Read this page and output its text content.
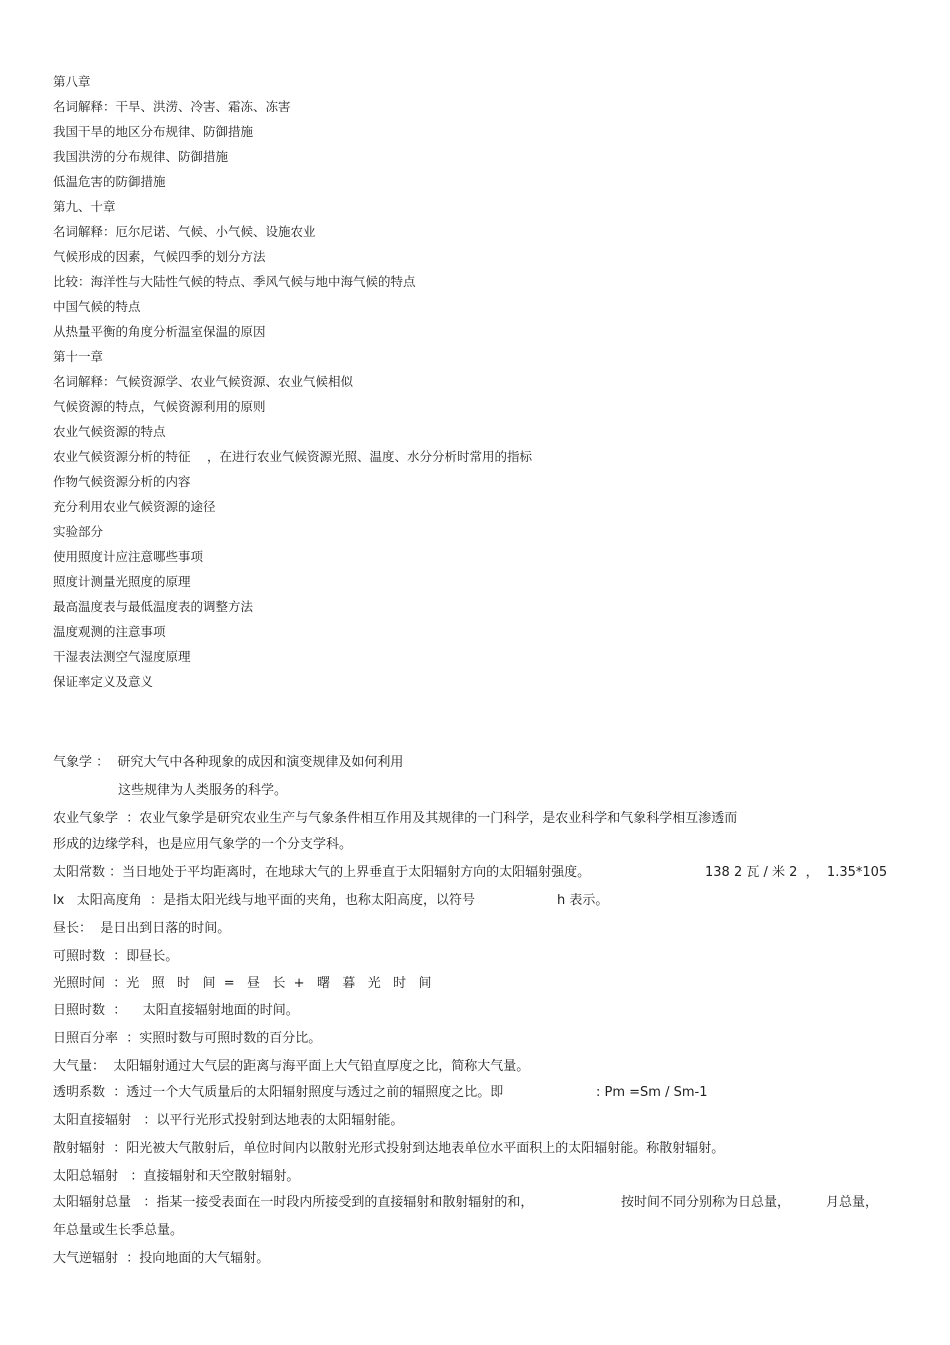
第八章
名词解释：干旱、洪涝、冷害、霜冻、冻害
我国干旱的地区分布规律、防御措施
我国洪涝的分布规律、防御措施
低温危害的防御措施
第九、十章
名词解释：厄尔尼诺、气候、小气候、设施农业
气候形成的因素，气候四季的划分方法
比较：海洋性与大陆性气候的特点、季风气候与地中海气候的特点
中国气候的特点
从热量平衡的角度分析温室保温的原因
第十一章
名词解释：气候资源学、农业气候资源、农业气候相似
气候资源的特点，气候资源利用的原则
农业气候资源的特点
农业气候资源分析的特征　 ，在进行农业气候资源光照、温度、水分分析时常用的指标
作物气候资源分析的内容
充分利用农业气候资源的途径
实验部分
使用照度计应注意哪些事项
照度计测量光照度的原理
最高温度表与最低温度表的调整方法
温度观测的注意事项
干湿表法测空气湿度原理
保证率定义及意义
气象学 ：  研究大气中各种现象的成因和演变规律及如何利用
这些规律为人类服务的科学。
农业气象学  ：农业气象学是研究农业生产与气象条件相互作用及其规律的一门科学，是农业科学和气象科学相互渗透而
形成的边缘学科，也是应用气象学的一个分支学科。
太阳常数 ：当日地处于平均距离时，在地球大气的上界垂直于太阳辐射方向的太阳辐射强度。	138 2 瓦 / 米 2  ，  1.35*105
lx   太阳高度角  ：是指太阳光线与地平面的夹角，也称太阳高度，以符号	h 表示。
昼长：  是日出到日落的时间。
可照时数  ：即昼长。
光照时间  ：光   照   时   间  =   昼   长  +   曙   暮   光   时   间
日照时数  ：    太阳直接辐射地面的时间。
日照百分率  ：实照时数与可照时数的百分比。
大气量：  太阳辐射通过大气层的距离与海平面上大气铅直厚度之比，简称大气量。
透明系数  ：透过一个大气质量后的太阳辐射照度与透过之前的辐照度之比。即	: Pm =Sm / Sm-1
太阳直接辐射   ：以平行光形式投射到达地表的太阳辐射能。
散射辐射  ：阳光被大气散射后，单位时间内以散射光形式投射到达地表单位水平面积上的太阳辐射能。称散射辐射。
太阳总辐射   ：直接辐射和天空散射辐射。
太阳辐射总量   ：指某一接受表面在一时段内所接受到的直接辐射和散射辐射的和，	按时间不同分别称为日总量，	月总量，
年总量或生长季总量。
大气逆辐射  ：投向地面的大气辐射。
